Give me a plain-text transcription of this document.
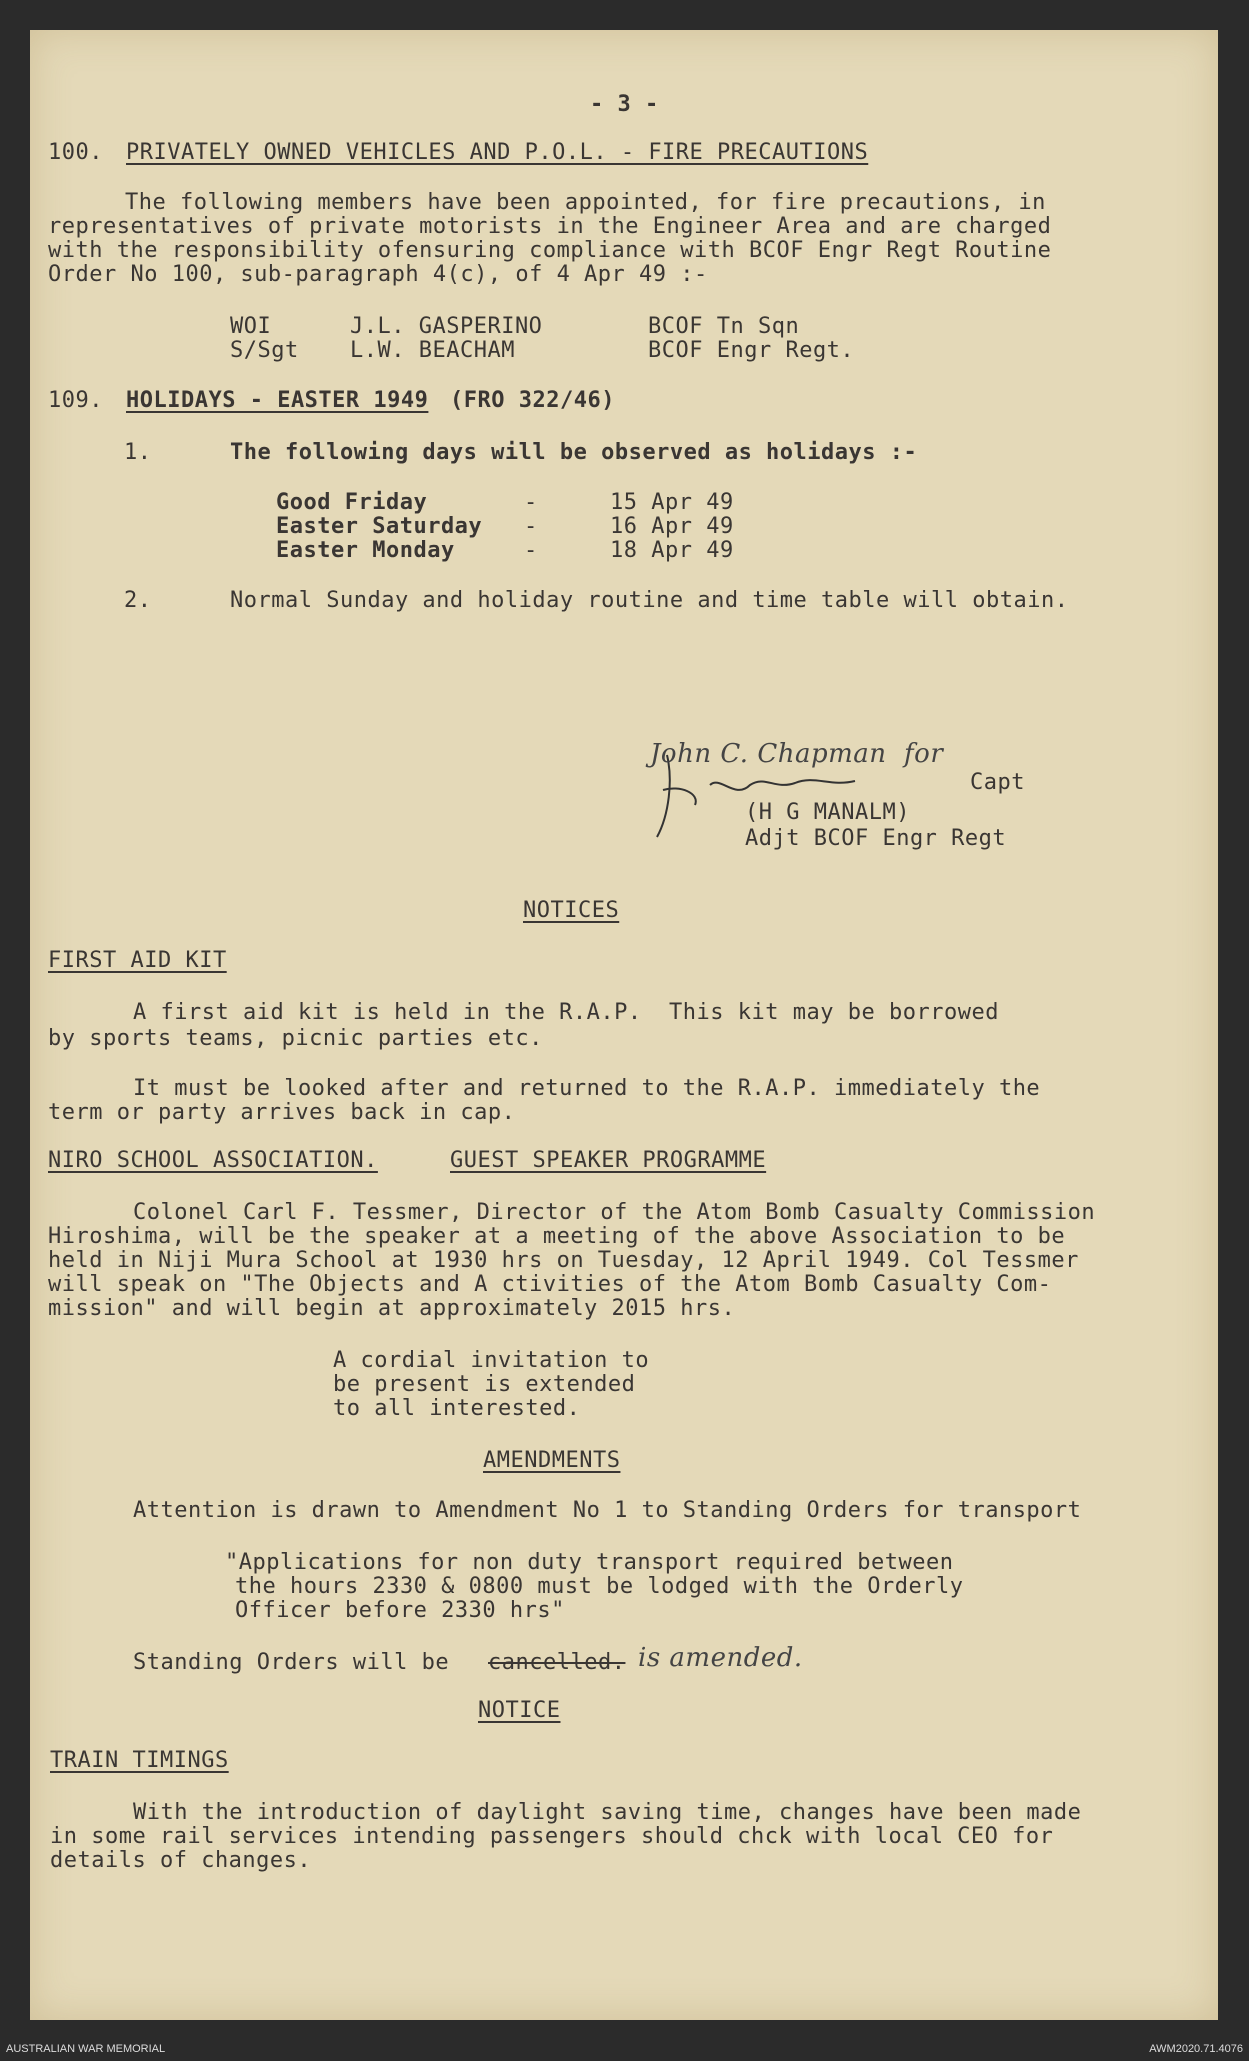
- 3 -
100. PRIVATELY OWNED VEHICLES AND P.O.L. - FIRE PRECAUTIONS
The following members have been appointed, for fire precautions, in
representatives of private motorists in the Engineer Area and are charged
with the responsibility ofensuring compliance with BCOF Engr Regt Routine
Order No 100, sub-paragraph 4(c), of 4 Apr 49 :-
WOI	J.L. GASPERINO	BCOF Tn Sqn
S/Sgt L.W. BEACHAM	BCOF Engr Regt.
109. HOLIDAYS - EASTER 1949 (FRO 322/46)
1.	The following days will be observed as holidays :-
Good Friday	-	15 Apr 49
Easter Saturday -	16 Apr 49
Easter Monday	-	18 Apr 49
2.	Normal Sunday and holiday routine and time table will obtain.
John C. Chapman  for
Capt
(H G MANALM)
Adjt BCOF Engr Regt
NOTICES
FIRST AID KIT
A first aid kit is held in the R.A.P.  This kit may be borrowed
by sports teams, picnic parties etc.
It must be looked after and returned to the R.A.P. immediately the
term or party arrives back in cap.
NIRO SCHOOL ASSOCIATION.	GUEST SPEAKER PROGRAMME
Colonel Carl F. Tessmer, Director of the Atom Bomb Casualty Commission
Hiroshima, will be the speaker at a meeting of the above Association to be
held in Niji Mura School at 1930 hrs on Tuesday, 12 April 1949. Col Tessmer
will speak on "The Objects and A ctivities of the Atom Bomb Casualty Com-
mission" and will begin at approximately 2015 hrs.
A cordial invitation to
be present is extended
to all interested.
AMENDMENTS
Attention is drawn to Amendment No 1 to Standing Orders for transport
"Applications for non duty transport required between
the hours 2330 & 0800 must be lodged with the Orderly
Officer before 2330 hrs"
Standing Orders will be cancelled. is amended.
NOTICE
TRAIN TIMINGS
With the introduction of daylight saving time, changes have been made
in some rail services intending passengers should chck with local CEO for
details of changes.
AUSTRALIAN WAR MEMORIAL	AWM2020.71.4076
